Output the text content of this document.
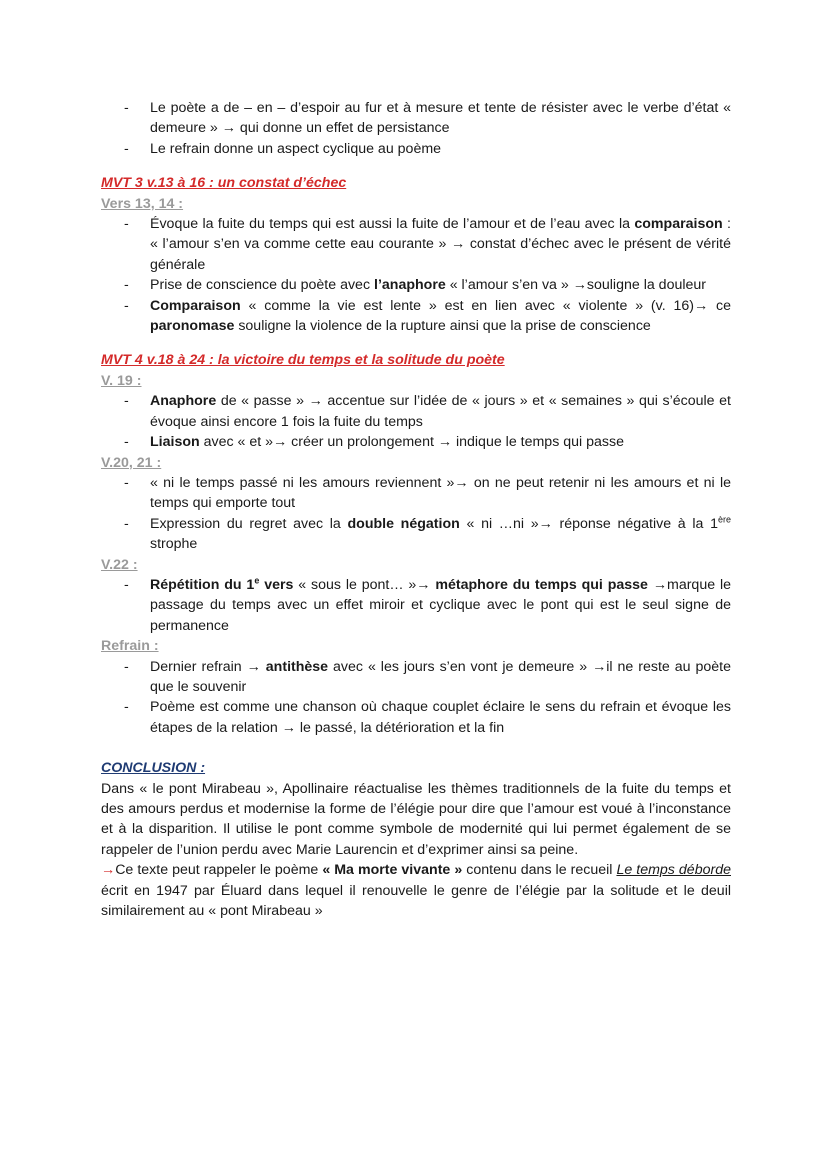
- Le poète a de – en – d’espoir au fur et à mesure et tente de résister avec le verbe d’état « demeure » → qui donne un effet de persistance
- Le refrain donne un aspect cyclique au poème
MVT 3 v.13 à 16 : un constat d’échec
Vers 13, 14 :
- Évoque la fuite du temps qui est aussi la fuite de l’amour et de l’eau avec la comparaison : « l’amour s’en va comme cette eau courante » → constat d’échec avec le présent de vérité générale
- Prise de conscience du poète avec l’anaphore « l’amour s’en va » →souligne la douleur
- Comparaison « comme la vie est lente » est en lien avec « violente » (v. 16)→ ce paronomase souligne la violence de la rupture ainsi que la prise de conscience
MVT 4 v.18 à 24 : la victoire du temps et la solitude du poète
V. 19 :
- Anaphore de « passe » → accentue sur l’idée de « jours » et « semaines » qui s’écoule et évoque ainsi encore 1 fois la fuite du temps
- Liaison avec « et »→ créer un prolongement → indique le temps qui passe
V.20, 21 :
- « ni le temps passé ni les amours reviennent »→ on ne peut retenir ni les amours et ni le temps qui emporte tout
- Expression du regret avec la double négation « ni …ni »→ réponse négative à la 1ère strophe
V.22 :
- Répétition du 1e vers « sous le pont… »→ métaphore du temps qui passe →marque le passage du temps avec un effet miroir et cyclique avec le pont qui est le seul signe de permanence
Refrain :
- Dernier refrain → antithèse avec « les jours s’en vont je demeure » →il ne reste au poète que le souvenir
- Poème est comme une chanson où chaque couplet éclaire le sens du refrain et évoque les étapes de la relation → le passé, la détérioration et la fin
CONCLUSION :
Dans « le pont Mirabeau », Apollinaire réactualise les thèmes traditionnels de la fuite du temps et des amours perdus et modernise la forme de l’élégie pour dire que l’amour est voué à l’inconstance et à la disparition. Il utilise le pont comme symbole de modernité qui lui permet également de se rappeler de l’union perdu avec Marie Laurencin et d’exprimer ainsi sa peine.
→Ce texte peut rappeler le poème « Ma morte vivante » contenu dans le recueil Le temps déborde écrit en 1947 par Éluard dans lequel il renouvelle le genre de l’élégie par la solitude et le deuil similairement au « pont Mirabeau »
